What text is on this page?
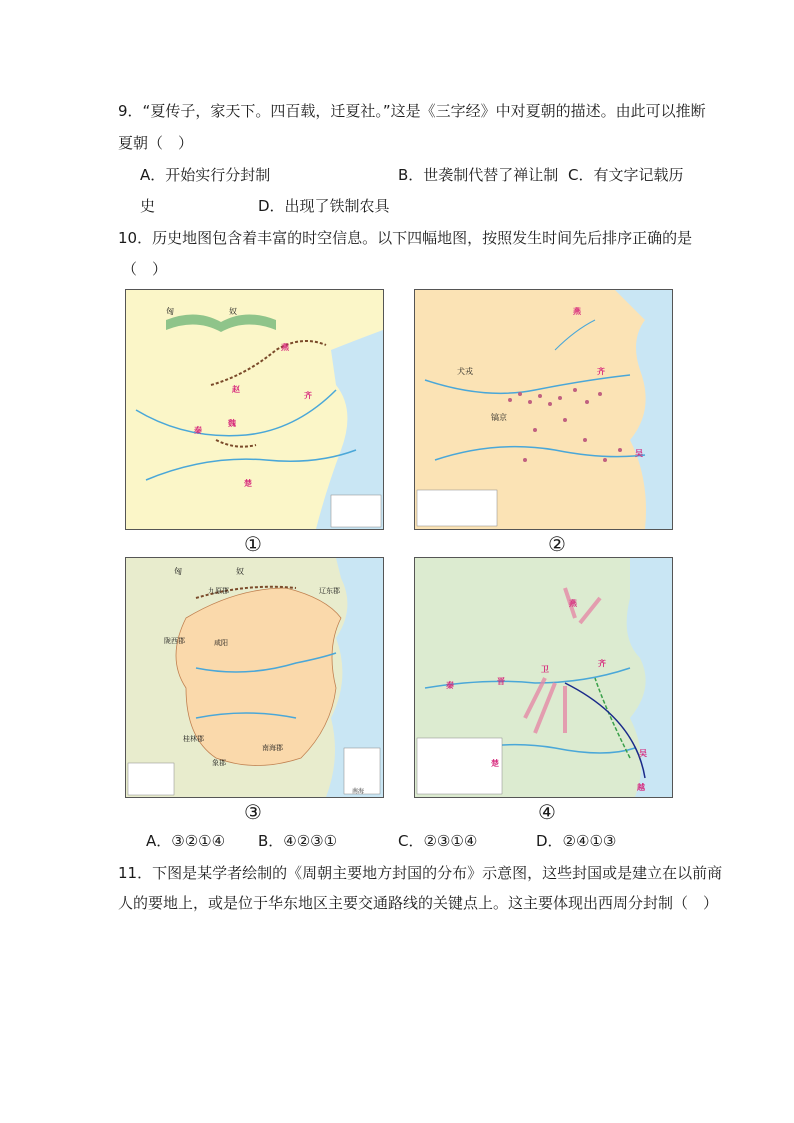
9．“夏传子，家天下。四百载，迁夏社。”这是《三字经》中对夏朝的描述。由此可以推断
夏朝（　）
A．开始实行分封制	B．世袭制代替了禅让制 C．有文字记载历
史	D．出现了铁制农具
10．历史地图包含着丰富的时空信息。以下四幅地图，按照发生时间先后排序正确的是
（　）
匈	奴
燕
赵
齐
秦
魏
楚
①
燕
犬戎
镐京
齐
吴
②
匈	奴
九原郡	辽东郡
陇西郡	咸阳
桂林郡
南海郡
象郡
南海
③
燕
齐
卫
晋
秦
楚
吴
越
④
A．③②①④ B．④②③①	C．②③①④	D．②④①③
11．下图是某学者绘制的《周朝主要地方封国的分布》示意图，这些封国或是建立在以前商
人的要地上，或是位于华东地区主要交通路线的关键点上。这主要体现出西周分封制（　）
